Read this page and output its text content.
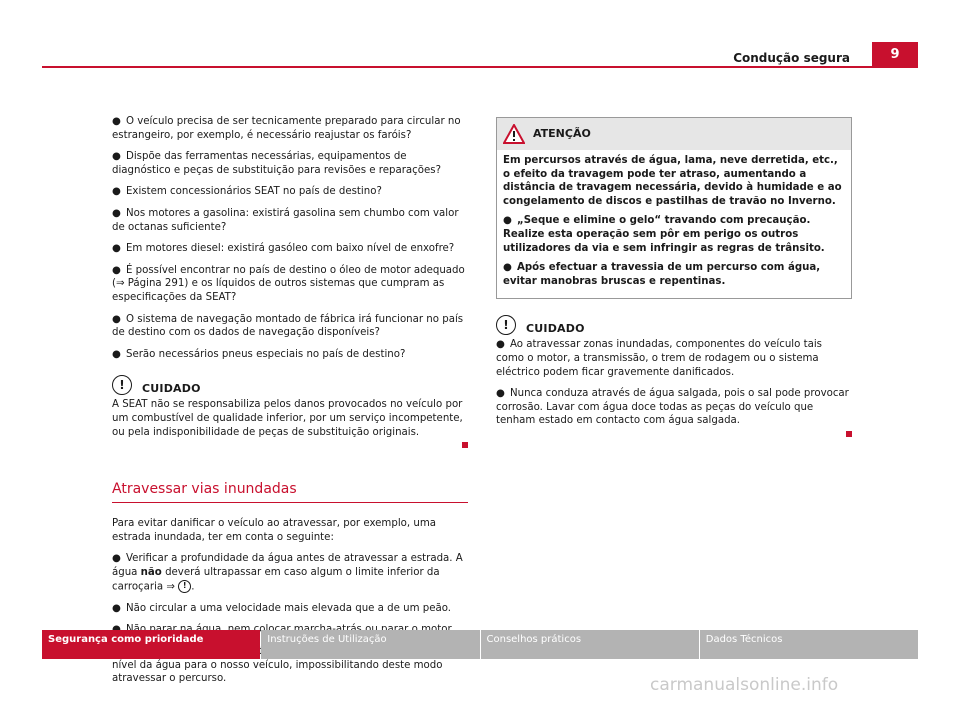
Condução segura	9

● O veículo precisa de ser tecnicamente preparado para circular no estrangeiro, por exemplo, é necessário reajustar os faróis?

● Dispõe das ferramentas necessárias, equipamentos de diagnóstico e peças de substituição para revisões e reparações?

● Existem concessionários SEAT no país de destino?

● Nos motores a gasolina: existirá gasolina sem chumbo com valor de octanas suficiente?

● Em motores diesel: existirá gasóleo com baixo nível de enxofre?

● É possível encontrar no país de destino o óleo de motor adequado (⇒ Página 291) e os líquidos de outros sistemas que cumpram as especificações da SEAT?

● O sistema de navegação montado de fábrica irá funcionar no país de destino com os dados de navegação disponíveis?

● Serão necessários pneus especiais no país de destino?

!	CUIDADO

A SEAT não se responsabiliza pelos danos provocados no veículo por um combustível de qualidade inferior, por um serviço incompetente, ou pela indisponibilidade de peças de substituição originais.

Atravessar vias inundadas

Para evitar danificar o veículo ao atravessar, por exemplo, uma estrada inundada, ter em conta o seguinte:

● Verificar a profundidade da água antes de atravessar a estrada. A água não deverá ultrapassar em caso algum o limite inferior da carroçaria ⇒ ! .

● Não circular a uma velocidade mais elevada que a de um peão.

nível da água para o nosso veículo, impossibilitando deste modo atravessar o percurso.

ATENÇÃO

Em percursos através de água, lama, neve derretida, etc., o efeito da travagem pode ter atraso, aumentando a distância de travagem necessária, devido à humidade e ao congelamento de discos e pastilhas de travão no Inverno.

● „Seque e elimine o gelo“ travando com precaução. Realize esta operação sem pôr em perigo os outros utilizadores da via e sem infringir as regras de trânsito.

● Após efectuar a travessia de um percurso com água, evitar manobras bruscas e repentinas.

!	CUIDADO

● Ao atravessar zonas inundadas, componentes do veículo tais como o motor, a transmissão, o trem de rodagem ou o sistema eléctrico podem ficar gravemente danificados.

● Nunca conduza através de água salgada, pois o sal pode provocar corrosão. Lavar com água doce todas as peças do veículo que tenham estado em contacto com água salgada.

Segurança como prioridade	Instruções de Utilização	Conselhos práticos	Dados Técnicos
carmanualsonline.info
